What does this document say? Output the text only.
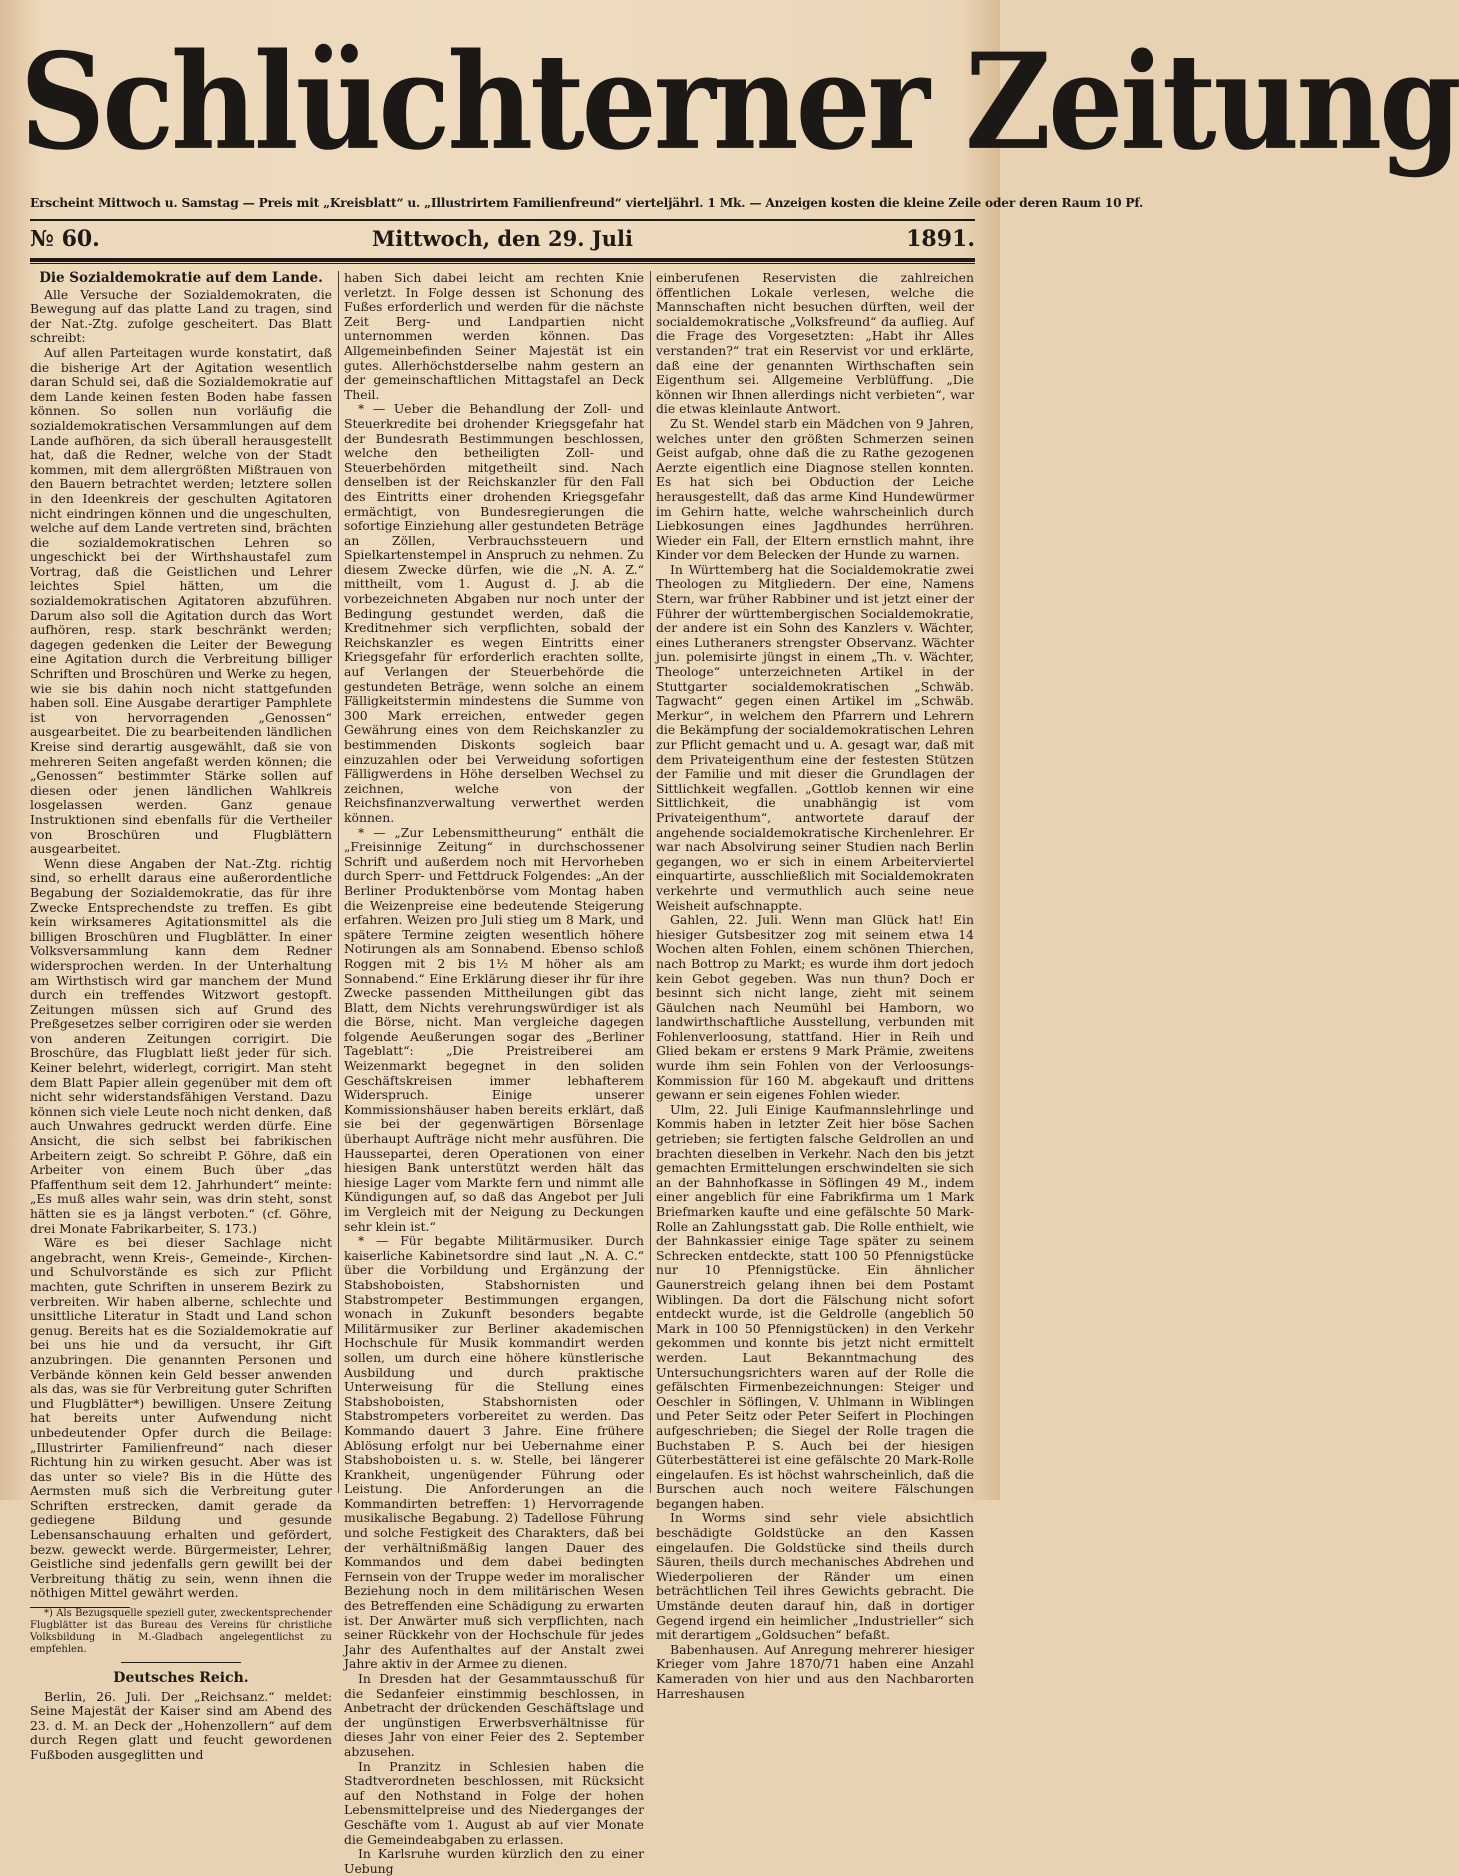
Schlüchterner Zeitung
Erscheint Mittwoch u. Samstag — Preis mit „Kreisblatt“ u. „Illustrirtem Familienfreund“ vierteljährl. 1 Mk. — Anzeigen kosten die kleine Zeile oder deren Raum 10 Pf.
№ 60.	Mittwoch, den 29. Juli	1891.
Die Sozialdemokratie auf dem Lande.

Alle Versuche der Sozialdemokraten, die Bewegung auf das platte Land zu tragen, sind der Nat.-Ztg. zufolge gescheitert. Das Blatt schreibt:

Auf allen Parteitagen wurde konstatirt, daß die bisherige Art der Agitation wesentlich daran Schuld sei, daß die Sozialdemokratie auf dem Lande keinen festen Boden habe fassen können. So sollen nun vorläufig die sozialdemokratischen Versammlungen auf dem Lande aufhören, da sich überall herausgestellt hat, daß die Redner, welche von der Stadt kommen, mit dem allergrößten Mißtrauen von den Bauern betrachtet werden; letztere sollen in den Ideenkreis der geschulten Agitatoren nicht eindringen können und die ungeschulten, welche auf dem Lande vertreten sind, brächten die sozialdemokratischen Lehren so ungeschickt bei der Wirthshaustafel zum Vortrag, daß die Geistlichen und Lehrer leichtes Spiel hätten, um die sozialdemokratischen Agitatoren abzuführen. Darum also soll die Agitation durch das Wort aufhören, resp. stark beschränkt werden; dagegen gedenken die Leiter der Bewegung eine Agitation durch die Verbreitung billiger Schriften und Broschüren und Werke zu hegen, wie sie bis dahin noch nicht stattgefunden haben soll. Eine Ausgabe derartiger Pamphlete ist von hervorragenden „Genossen“ ausgearbeitet. Die zu bearbeitenden ländlichen Kreise sind derartig ausgewählt, daß sie von mehreren Seiten angefaßt werden können; die „Genossen“ bestimmter Stärke sollen auf diesen oder jenen ländlichen Wahlkreis losgelassen werden. Ganz genaue Instruktionen sind ebenfalls für die Vertheiler von Broschüren und Flugblättern ausgearbeitet.

Wenn diese Angaben der Nat.-Ztg. richtig sind, so erhellt daraus eine außerordentliche Begabung der Sozialdemokratie, das für ihre Zwecke Entsprechendste zu treffen. Es gibt kein wirksameres Agitationsmittel als die billigen Broschüren und Flugblätter. In einer Volksversammlung kann dem Redner widersprochen werden. In der Unterhaltung am Wirthstisch wird gar manchem der Mund durch ein treffendes Witzwort gestopft. Zeitungen müssen sich auf Grund des Preßgesetzes selber corrigiren oder sie werden von anderen Zeitungen corrigirt. Die Broschüre, das Flugblatt ließt jeder für sich. Keiner belehrt, widerlegt, corrigirt. Man steht dem Blatt Papier allein gegenüber mit dem oft nicht sehr widerstandsfähigen Verstand. Dazu können sich viele Leute noch nicht denken, daß auch Unwahres gedruckt werden dürfe. Eine Ansicht, die sich selbst bei fabrikischen Arbeitern zeigt. So schreibt P. Göhre, daß ein Arbeiter von einem Buch über „das Pfaffenthum seit dem 12. Jahrhundert“ meinte: „Es muß alles wahr sein, was drin steht, sonst hätten sie es ja längst verboten.“ (cf. Göhre, drei Monate Fabrikarbeiter, S. 173.)

Wäre es bei dieser Sachlage nicht angebracht, wenn Kreis-, Gemeinde-, Kirchen- und Schulvorstände es sich zur Pflicht machten, gute Schriften in unserem Bezirk zu verbreiten. Wir haben alberne, schlechte und unsittliche Literatur in Stadt und Land schon genug. Bereits hat es die Sozialdemokratie auf bei uns hie und da versucht, ihr Gift anzubringen. Die genannten Personen und Verbände können kein Geld besser anwenden als das, was sie für Verbreitung guter Schriften und Flugblätter*) bewilligen. Unsere Zeitung hat bereits unter Aufwendung nicht unbedeutender Opfer durch die Beilage: „Illustrirter Familienfreund“ nach dieser Richtung hin zu wirken gesucht. Aber was ist das unter so viele? Bis in die Hütte des Aermsten muß sich die Verbreitung guter Schriften erstrecken, damit gerade da gediegene Bildung und gesunde Lebensanschauung erhalten und gefördert, bezw. geweckt werde. Bürgermeister, Lehrer, Geistliche sind jedenfalls gern gewillt bei der Verbreitung thätig zu sein, wenn ihnen die nöthigen Mittel gewährt werden.

*) Als Bezugsquelle speziell guter, zweckentsprechender Flugblätter ist das Bureau des Vereins für christliche Volksbildung in M.-Gladbach angelegentlichst zu empfehlen.

Deutsches Reich.

Berlin, 26. Juli. Der „Reichsanz.“ meldet: Seine Majestät der Kaiser sind am Abend des 23. d. M. an Deck der „Hohenzollern“ auf dem durch Regen glatt und feucht gewordenen Fußboden ausgeglitten und

haben Sich dabei leicht am rechten Knie verletzt. In Folge dessen ist Schonung des Fußes erforderlich und werden für die nächste Zeit Berg- und Landpartien nicht unternommen werden können. Das Allgemeinbefinden Seiner Majestät ist ein gutes. Allerhöchstderselbe nahm gestern an der gemeinschaftlichen Mittagstafel an Deck Theil.

* — Ueber die Behandlung der Zoll- und Steuerkredite bei drohender Kriegsgefahr hat der Bundesrath Bestimmungen beschlossen, welche den betheiligten Zoll- und Steuerbehörden mitgetheilt sind. Nach denselben ist der Reichskanzler für den Fall des Eintritts einer drohenden Kriegsgefahr ermächtigt, von Bundesregierungen die sofortige Einziehung aller gestundeten Beträge an Zöllen, Verbrauchssteuern und Spielkartenstempel in Anspruch zu nehmen. Zu diesem Zwecke dürfen, wie die „N. A. Z.“ mittheilt, vom 1. August d. J. ab die vorbezeichneten Abgaben nur noch unter der Bedingung gestundet werden, daß die Kreditnehmer sich verpflichten, sobald der Reichskanzler es wegen Eintritts einer Kriegsgefahr für erforderlich erachten sollte, auf Verlangen der Steuerbehörde die gestundeten Beträge, wenn solche an einem Fälligkeitstermin mindestens die Summe von 300 Mark erreichen, entweder gegen Gewährung eines von dem Reichskanzler zu bestimmenden Diskonts sogleich baar einzuzahlen oder bei Verweidung sofortigen Fälligwerdens in Höhe derselben Wechsel zu zeichnen, welche von der Reichsfinanzverwaltung verwerthet werden können.

* — „Zur Lebensmittheurung“ enthält die „Freisinnige Zeitung“ in durchschossener Schrift und außerdem noch mit Hervorheben durch Sperr- und Fettdruck Folgendes: „An der Berliner Produktenbörse vom Montag haben die Weizenpreise eine bedeutende Steigerung erfahren. Weizen pro Juli stieg um 8 Mark, und spätere Termine zeigten wesentlich höhere Notirungen als am Sonnabend. Ebenso schloß Roggen mit 2 bis 1½ M höher als am Sonnabend.“ Eine Erklärung dieser ihr für ihre Zwecke passenden Mittheilungen gibt das Blatt, dem Nichts verehrungswürdiger ist als die Börse, nicht. Man vergleiche dagegen folgende Aeußerungen sogar des „Berliner Tageblatt“: „Die Preistreiberei am Weizenmarkt begegnet in den soliden Geschäftskreisen immer lebhafterem Widerspruch. Einige unserer Kommissionshäuser haben bereits erklärt, daß sie bei der gegenwärtigen Börsenlage überhaupt Aufträge nicht mehr ausführen. Die Haussepartei, deren Operationen von einer hiesigen Bank unterstützt werden hält das hiesige Lager vom Markte fern und nimmt alle Kündigungen auf, so daß das Angebot per Juli im Vergleich mit der Neigung zu Deckungen sehr klein ist.“

* — Für begabte Militärmusiker. Durch kaiserliche Kabinetsordre sind laut „N. A. C.“ über die Vorbildung und Ergänzung der Stabshoboisten, Stabshornisten und Stabstrompeter Bestimmungen ergangen, wonach in Zukunft besonders begabte Militärmusiker zur Berliner akademischen Hochschule für Musik kommandirt werden sollen, um durch eine höhere künstlerische Ausbildung und durch praktische Unterweisung für die Stellung eines Stabshoboisten, Stabshornisten oder Stabstrompeters vorbereitet zu werden. Das Kommando dauert 3 Jahre. Eine frühere Ablösung erfolgt nur bei Uebernahme einer Stabshoboisten u. s. w. Stelle, bei längerer Krankheit, ungenügender Führung oder Leistung. Die Anforderungen an die Kommandirten betreffen: 1) Hervorragende musikalische Begabung. 2) Tadellose Führung und solche Festigkeit des Charakters, daß bei der verhältnißmäßig langen Dauer des Kommandos und dem dabei bedingten Fernsein von der Truppe weder im moralischer Beziehung noch in dem militärischen Wesen des Betreffenden eine Schädigung zu erwarten ist. Der Anwärter muß sich verpflichten, nach seiner Rückkehr von der Hochschule für jedes Jahr des Aufenthaltes auf der Anstalt zwei Jahre aktiv in der Armee zu dienen.

In Dresden hat der Gesammtausschuß für die Sedanfeier einstimmig beschlossen, in Anbetracht der drückenden Geschäftslage und der ungünstigen Erwerbsverhältnisse für dieses Jahr von einer Feier des 2. September abzusehen.

In Pranzitz in Schlesien haben die Stadtverordneten beschlossen, mit Rücksicht auf den Nothstand in Folge der hohen Lebensmittelpreise und des Niederganges der Geschäfte vom 1. August ab auf vier Monate die Gemeindeabgaben zu erlassen.

In Karlsruhe wurden kürzlich den zu einer Uebung

einberufenen Reservisten die zahlreichen öffentlichen Lokale verlesen, welche die Mannschaften nicht besuchen dürften, weil der socialdemokratische „Volksfreund“ da auflieg. Auf die Frage des Vorgesetzten: „Habt ihr Alles verstanden?“ trat ein Reservist vor und erklärte, daß eine der genannten Wirthschaften sein Eigenthum sei. Allgemeine Verblüffung. „Die können wir Ihnen allerdings nicht verbieten“, war die etwas kleinlaute Antwort.

Zu St. Wendel starb ein Mädchen von 9 Jahren, welches unter den größten Schmerzen seinen Geist aufgab, ohne daß die zu Rathe gezogenen Aerzte eigentlich eine Diagnose stellen konnten. Es hat sich bei Obduction der Leiche herausgestellt, daß das arme Kind Hundewürmer im Gehirn hatte, welche wahrscheinlich durch Liebkosungen eines Jagdhundes herrühren. Wieder ein Fall, der Eltern ernstlich mahnt, ihre Kinder vor dem Belecken der Hunde zu warnen.

In Württemberg hat die Socialdemokratie zwei Theologen zu Mitgliedern. Der eine, Namens Stern, war früher Rabbiner und ist jetzt einer der Führer der württembergischen Socialdemokratie, der andere ist ein Sohn des Kanzlers v. Wächter, eines Lutheraners strengster Observanz. Wächter jun. polemisirte jüngst in einem „Th. v. Wächter, Theologe“ unterzeichneten Artikel in der Stuttgarter socialdemokratischen „Schwäb. Tagwacht“ gegen einen Artikel im „Schwäb. Merkur“, in welchem den Pfarrern und Lehrern die Bekämpfung der socialdemokratischen Lehren zur Pflicht gemacht und u. A. gesagt war, daß mit dem Privateigenthum eine der festesten Stützen der Familie und mit dieser die Grundlagen der Sittlichkeit wegfallen. „Gottlob kennen wir eine Sittlichkeit, die unabhängig ist vom Privateigenthum“, antwortete darauf der angehende socialdemokratische Kirchenlehrer. Er war nach Absolvirung seiner Studien nach Berlin gegangen, wo er sich in einem Arbeiterviertel einquartirte, ausschließlich mit Socialdemokraten verkehrte und vermuthlich auch seine neue Weisheit aufschnappte.

Gahlen, 22. Juli. Wenn man Glück hat! Ein hiesiger Gutsbesitzer zog mit seinem etwa 14 Wochen alten Fohlen, einem schönen Thierchen, nach Bottrop zu Markt; es wurde ihm dort jedoch kein Gebot gegeben. Was nun thun? Doch er besinnt sich nicht lange, zieht mit seinem Gäulchen nach Neumühl bei Hamborn, wo landwirthschaftliche Ausstellung, verbunden mit Fohlenverloosung, stattfand. Hier in Reih und Glied bekam er erstens 9 Mark Prämie, zweitens wurde ihm sein Fohlen von der Verloosungs-Kommission für 160 M. abgekauft und drittens gewann er sein eigenes Fohlen wieder.

Ulm, 22. Juli Einige Kaufmannslehrlinge und Kommis haben in letzter Zeit hier böse Sachen getrieben; sie fertigten falsche Geldrollen an und brachten dieselben in Verkehr. Nach den bis jetzt gemachten Ermittelungen erschwindelten sie sich an der Bahnhofkasse in Söflingen 49 M., indem einer angeblich für eine Fabrikfirma um 1 Mark Briefmarken kaufte und eine gefälschte 50 Mark-Rolle an Zahlungsstatt gab. Die Rolle enthielt, wie der Bahnkassier einige Tage später zu seinem Schrecken entdeckte, statt 100 50 Pfennigstücke nur 10 Pfennigstücke. Ein ähnlicher Gaunerstreich gelang ihnen bei dem Postamt Wiblingen. Da dort die Fälschung nicht sofort entdeckt wurde, ist die Geldrolle (angeblich 50 Mark in 100 50 Pfennigstücken) in den Verkehr gekommen und konnte bis jetzt nicht ermittelt werden. Laut Bekanntmachung des Untersuchungsrichters waren auf der Rolle die gefälschten Firmenbezeichnungen: Steiger und Oeschler in Söflingen, V. Uhlmann in Wiblingen und Peter Seitz oder Peter Seifert in Plochingen aufgeschrieben; die Siegel der Rolle tragen die Buchstaben P. S. Auch bei der hiesigen Güterbestätterei ist eine gefälschte 20 Mark-Rolle eingelaufen. Es ist höchst wahrscheinlich, daß die Burschen auch noch weitere Fälschungen begangen haben.

In Worms sind sehr viele absichtlich beschädigte Goldstücke an den Kassen eingelaufen. Die Goldstücke sind theils durch Säuren, theils durch mechanisches Abdrehen und Wiederpolieren der Ränder um einen beträchtlichen Teil ihres Gewichts gebracht. Die Umstände deuten darauf hin, daß in dortiger Gegend irgend ein heimlicher „Industrieller“ sich mit derartigem „Goldsuchen“ befaßt.

Babenhausen. Auf Anregung mehrerer hiesiger Krieger vom Jahre 1870/71 haben eine Anzahl Kameraden von hier und aus den Nachbarorten Harreshausen
